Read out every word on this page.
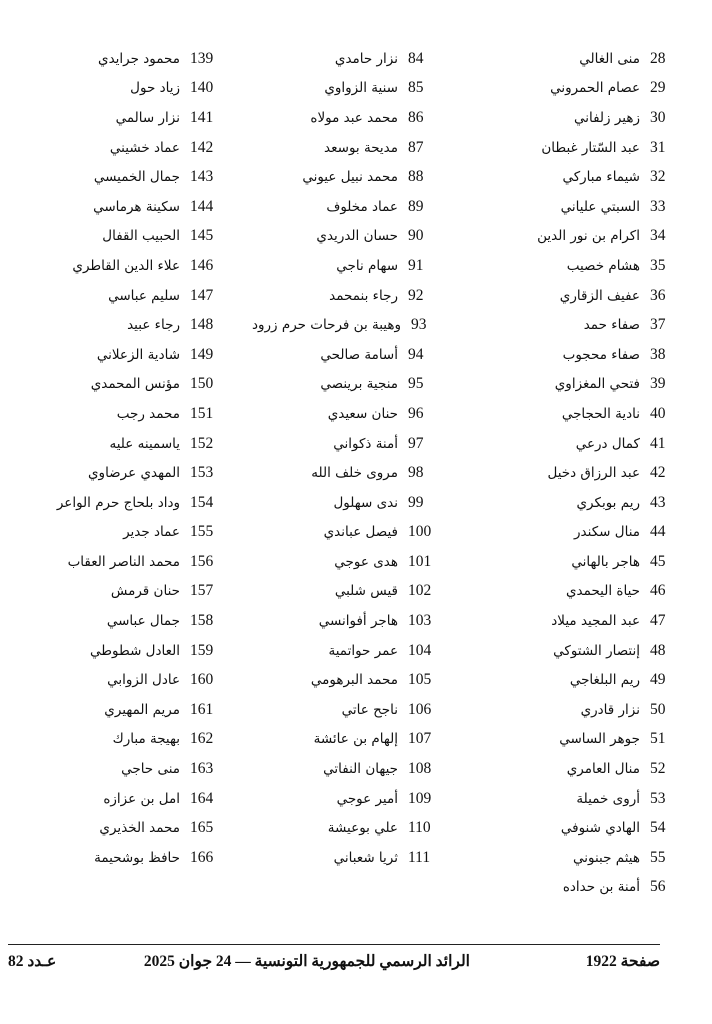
28
منى الغالي
29
عصام الحمروني
30
زهير زلفاني
31
عبد السّتار غبطان
32
شيماء مباركي
33
السبتي علياني
34
اكرام بن نور الدين
35
هشام خصيب
36
عفيف الزقاري
37
صفاء حمد
38
صفاء محجوب
39
فتحي المغزاوي
40
نادية الحجاجي
41
كمال درعي
42
عبد الرزاق دخيل
43
ريم بوبكري
44
منال سكندر
45
هاجر بالهاني
46
حياة اليحمدي
47
عبد المجيد ميلاد
48
إنتصار الشتوكي
49
ريم البلغاجي
50
نزار قادري
51
جوهر الساسي
52
منال العامري
53
أروى خميلة
54
الهادي شنوفي
55
هيثم جبنوني
56
أمنة بن حداده
84
نزار حامدي
85
سنية الزواوي
86
محمد عبد مولاه
87
مديحة بوسعد
88
محمد نبيل عيوني
89
عماد مخلوف
90
حسان الدريدي
91
سهام ناجي
92
رجاء بنمحمد
93
وهيبة بن فرحات حرم زرود
94
أسامة صالحي
95
منجية برينصي
96
حنان سعيدي
97
أمنة ذكواني
98
مروى خلف الله
99
ندى سهلول
100
فيصل عباندي
101
هدى عوجي
102
قيس شلبي
103
هاجر أفوانسي
104
عمر حواتمية
105
محمد البرهومي
106
ناجح عاتي
107
إلهام بن عائشة
108
جيهان النفاتي
109
أمير عوجي
110
علي بوعيشة
111
ثريا شعباني
139
محمود جرايدي
140
زياد حول
141
نزار سالمي
142
عماد خشيني
143
جمال الخميسي
144
سكينة هرماسي
145
الحبيب القفال
146
علاء الدين القاطري
147
سليم عباسي
148
رجاء عبيد
149
شادية الزعلاني
150
مؤنس المحمدي
151
محمد رجب
152
ياسمينه عليه
153
المهدي عرضاوي
154
وداد بلحاج حرم الواعر
155
عماد جدير
156
محمد الناصر العقاب
157
حنان قرمش
158
جمال عباسي
159
العادل شطوطي
160
عادل الزوابي
161
مريم المهيري
162
بهيجة مبارك
163
منى حاجي
164
امل بن عزازه
165
محمد الخذيري
166
حافظ بوشحيمة
صفحة 1922
الرائد الرسمي للجمهورية التونسية — 24 جوان 2025
عـدد 82
